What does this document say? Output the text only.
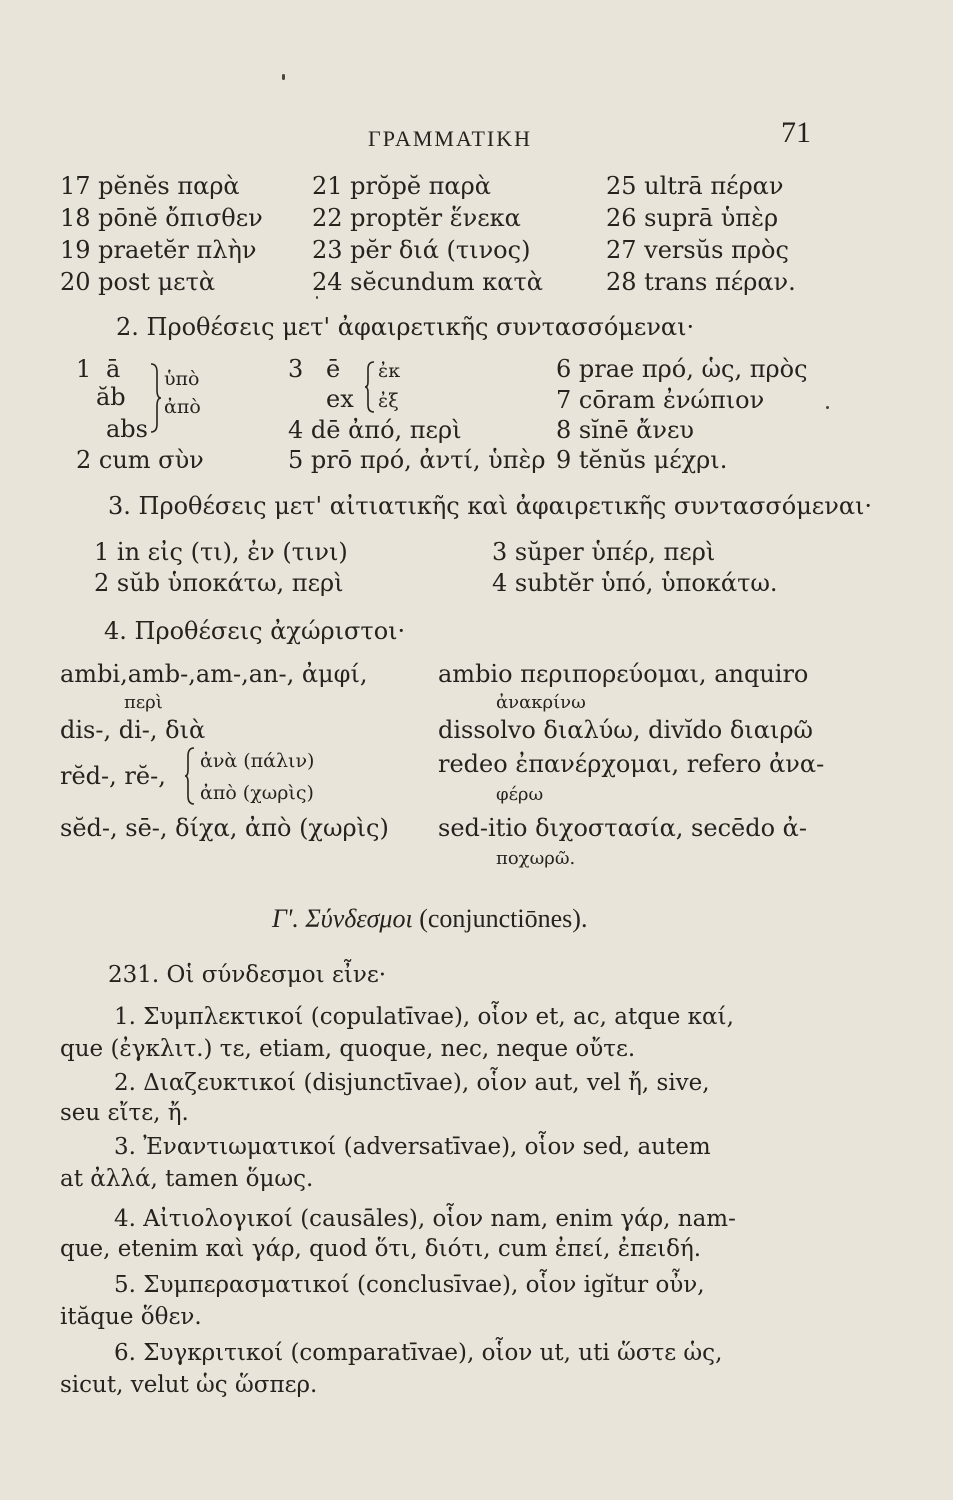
ΓΡΑΜΜΑΤΙΚΗ	71
17 pĕnĕs παρὰ
18 pōnĕ ὄπισθεν
19 praetĕr πλὴν
20 post μετὰ
21 prŏpĕ παρὰ
22 proptĕr ἕνεκα
23 pĕr διά (τινος)
24 sĕcundum κατὰ
25 ultrā πέραν
26 suprā ὑπὲρ
27 versŭs πρὸς
28 trans πέραν.
2. Προθέσεις μετ' ἀφαιρετικῆς συντασσόμεναι·
1 ā
ăb
abs
ὑπὸ
ἀπὸ
2 cum σὺν
3 ē
ex
ἐκ
ἐξ
4 dē ἀπό, περὶ
5 prō πρό, ἀντί, ὑπὲρ
6 prae πρό, ὡς, πρὸς
7 cōram ἐνώπιον
8 sĭnē ἄνευ
9 tĕnŭs μέχρι.
3. Προθέσεις μετ' αἰτιατικῆς καὶ ἀφαιρετικῆς συντασσόμεναι·
1 in εἰς (τι), ἐν (τινι)
2 sŭb ὑποκάτω, περὶ
3 sŭper ὑπέρ, περὶ
4 subtĕr ὑπό, ὑποκάτω.
4. Προθέσεις ἀχώριστοι·
ambi,amb-,am-,an-, ἀμφί,
περὶ
dis-, di-, διὰ
rĕd-, rĕ-,
ἀνὰ (πάλιν)
ἀπὸ (χωρὶς)
sĕd-, sē-, δίχα, ἀπὸ (χωρὶς)
ambio περιπορεύομαι, anquiro
ἀνακρίνω
dissolvo διαλύω, divĭdo διαιρῶ
redeo ἐπανέρχομαι, refero ἀνα-
φέρω
sed-itio διχοστασία, secēdo ἀ-
ποχωρῶ.
Γ'. Σύνδεσμοι (conjunctiōnes).
231. Οἱ σύνδεσμοι εἶνε·
1. Συμπλεκτικοί (copulatīvae), οἷον et, ac, atque καί,
que (ἐγκλιτ.) τε, etiam, quoque, nec, neque οὔτε.
2. Διαζευκτικοί (disjunctīvae), οἷον aut, vel ἤ, sive,
seu εἴτε, ἤ.
3. Ἐναντιωματικοί (adversatīvae), οἷον sed, autem
at ἀλλά, tamen ὅμως.
4. Αἰτιολογικοί (causāles), οἷον nam, enim γάρ, nam-
que, etenim καὶ γάρ, quod ὅτι, διότι, cum ἐπεί, ἐπειδή.
5. Συμπερασματικοί (conclusīvae), οἷον igĭtur οὖν,
ităque ὅθεν.
6. Συγκριτικοί (comparatīvae), οἷον ut, uti ὥστε ὡς,
sicut, velut ὡς ὥσπερ.
